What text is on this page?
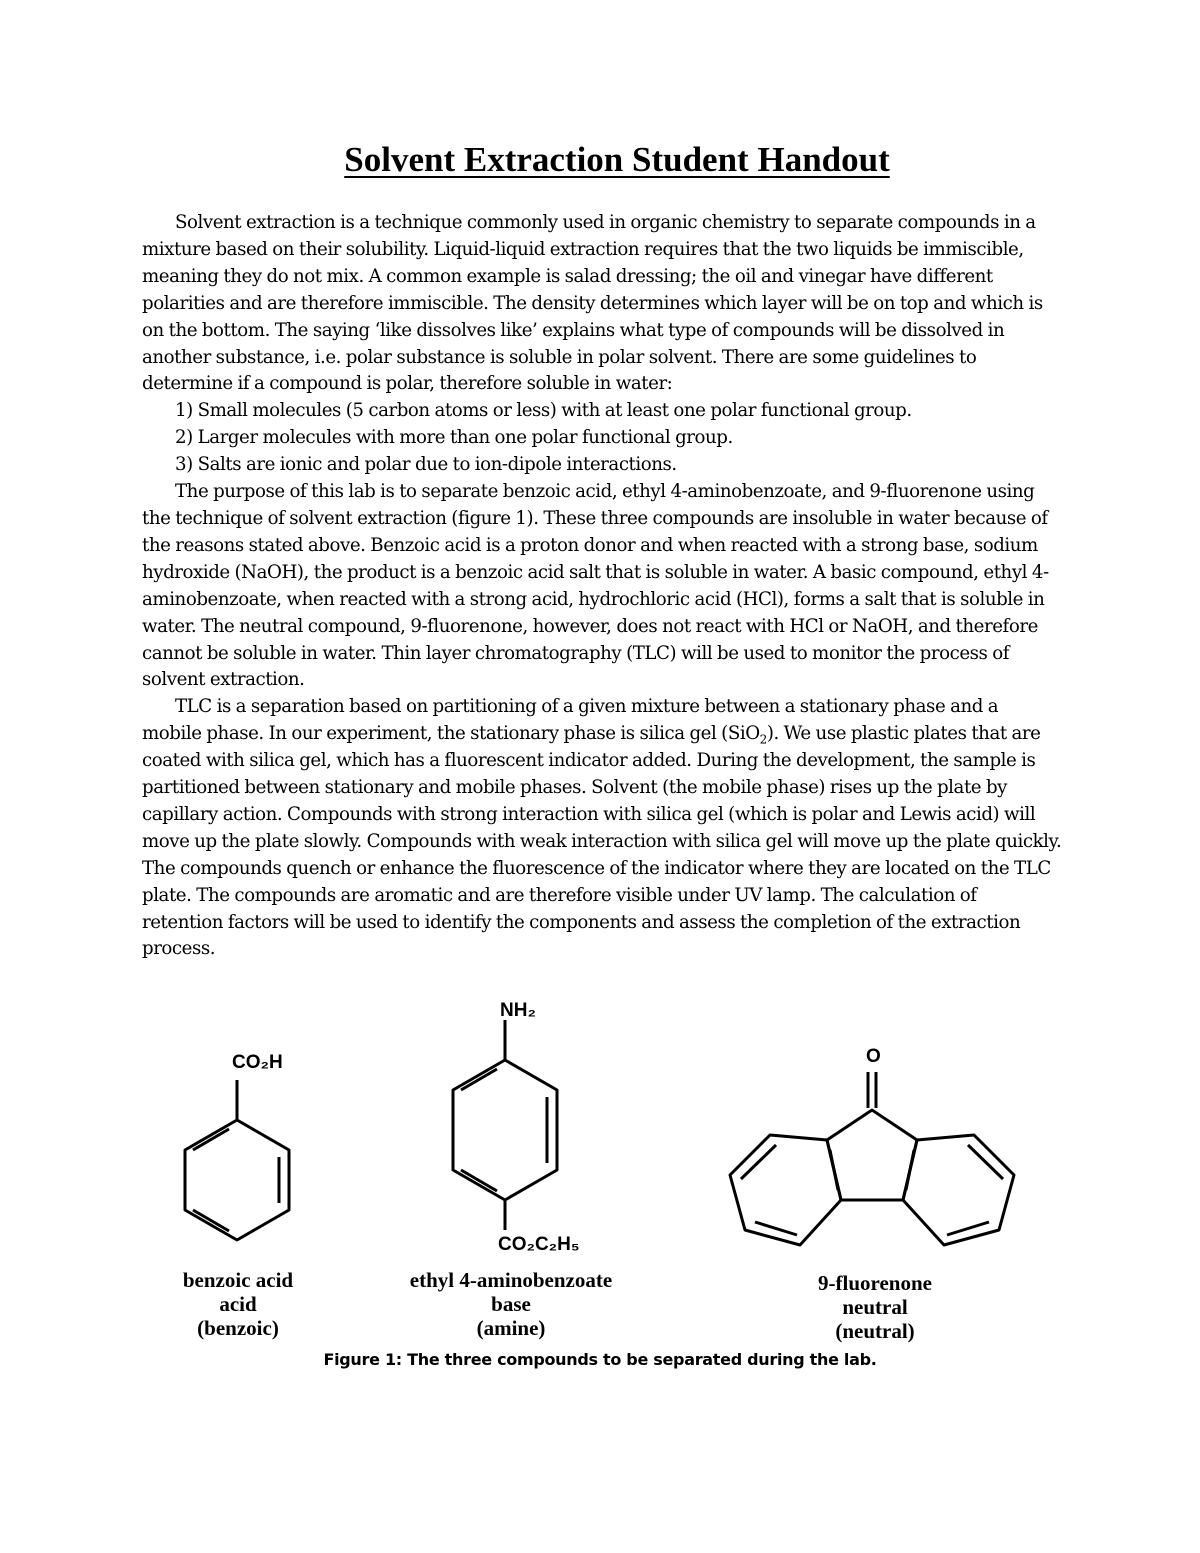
Solvent Extraction Student Handout

Solvent extraction is a technique commonly used in organic chemistry to separate compounds in a mixture based on their solubility. Liquid-liquid extraction requires that the two liquids be immiscible, meaning they do not mix. A common example is salad dressing; the oil and vinegar have different polarities and are therefore immiscible. The density determines which layer will be on top and which is on the bottom. The saying ‘like dissolves like’ explains what type of compounds will be dissolved in another substance, i.e. polar substance is soluble in polar solvent. There are some guidelines to determine if a compound is polar, therefore soluble in water:

1) Small molecules (5 carbon atoms or less) with at least one polar functional group.

2) Larger molecules with more than one polar functional group.

3) Salts are ionic and polar due to ion-dipole interactions.

The purpose of this lab is to separate benzoic acid, ethyl 4-aminobenzoate, and 9-fluorenone using the technique of solvent extraction (figure 1). These three compounds are insoluble in water because of the reasons stated above. Benzoic acid is a proton donor and when reacted with a strong base, sodium hydroxide (NaOH), the product is a benzoic acid salt that is soluble in water. A basic compound, ethyl 4-aminobenzoate, when reacted with a strong acid, hydrochloric acid (HCl), forms a salt that is soluble in water. The neutral compound, 9-fluorenone, however, does not react with HCl or NaOH, and therefore cannot be soluble in water. Thin layer chromatography (TLC) will be used to monitor the process of solvent extraction.

TLC is a separation based on partitioning of a given mixture between a stationary phase and a mobile phase. In our experiment, the stationary phase is silica gel (SiO$_2$). We use plastic plates that are coated with silica gel, which has a fluorescent indicator added. During the development, the sample is partitioned between stationary and mobile phases. Solvent (the mobile phase) rises up the plate by capillary action. Compounds with strong interaction with silica gel (which is polar and Lewis acid) will move up the plate slowly. Compounds with weak interaction with silica gel will move up the plate quickly. The compounds quench or enhance the fluorescence of the indicator where they are located on the TLC plate. The compounds are aromatic and are therefore visible under UV lamp. The calculation of retention factors will be used to identify the components and assess the completion of the extraction process.

CO₂H
NH₂
CO₂C₂H₅
O
benzoic acid
acid
(benzoic)
ethyl 4-aminobenzoate
base
(amine)
9-fluorenone
neutral
(neutral)
Figure 1: The three compounds to be separated during the lab.
